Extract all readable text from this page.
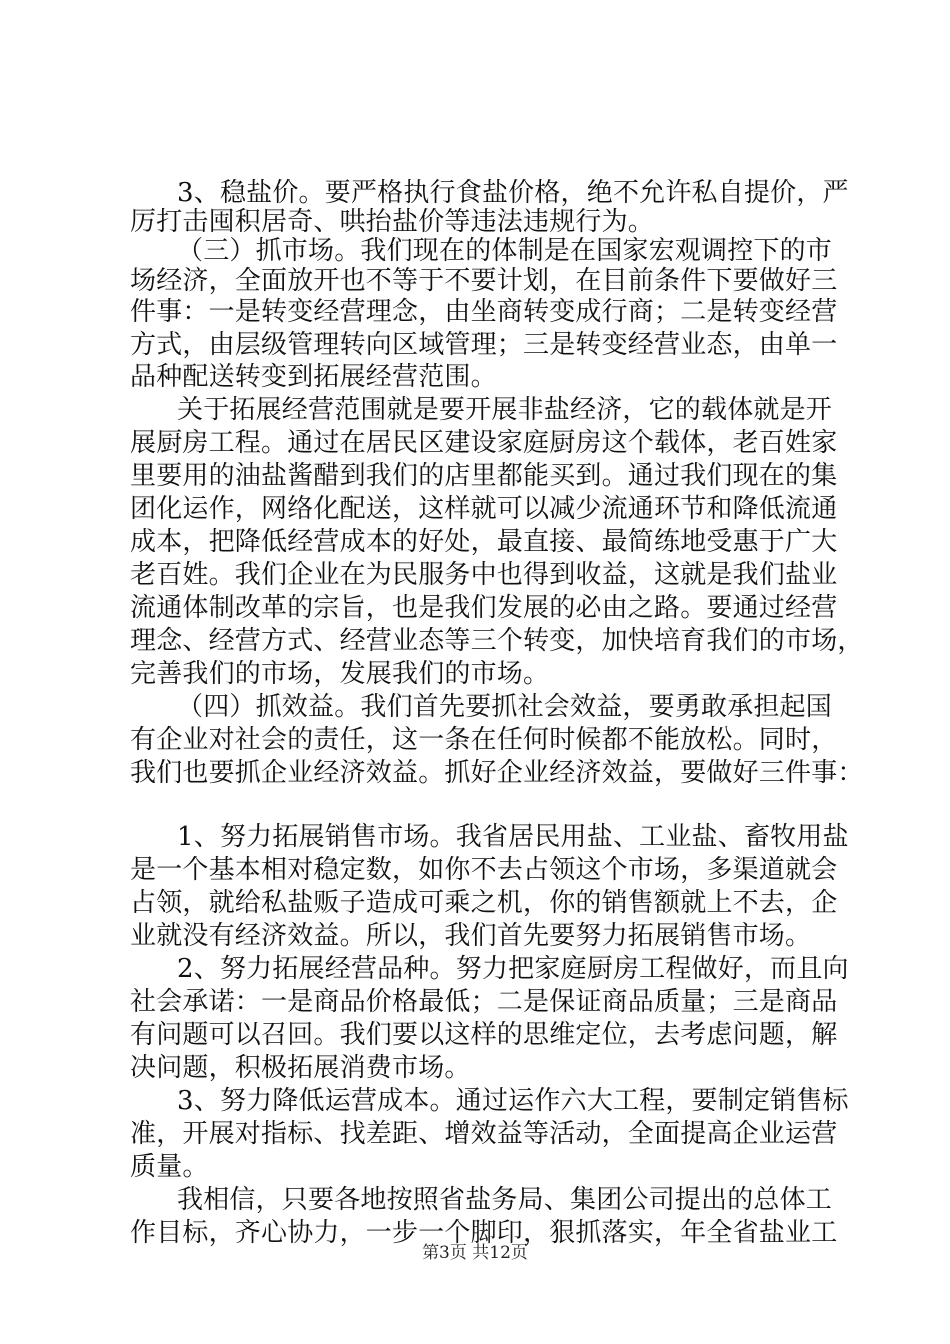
3、稳盐价。要严格执行食盐价格，绝不允许私自提价，严
厉打击囤积居奇、哄抬盐价等违法违规行为。
（三）抓市场。我们现在的体制是在国家宏观调控下的市
场经济，全面放开也不等于不要计划，在目前条件下要做好三
件事：一是转变经营理念，由坐商转变成行商；二是转变经营
方式，由层级管理转向区域管理；三是转变经营业态，由单一
品种配送转变到拓展经营范围。
关于拓展经营范围就是要开展非盐经济，它的载体就是开
展厨房工程。通过在居民区建设家庭厨房这个载体，老百姓家
里要用的油盐酱醋到我们的店里都能买到。通过我们现在的集
团化运作，网络化配送，这样就可以减少流通环节和降低流通
成本，把降低经营成本的好处，最直接、最简练地受惠于广大
老百姓。我们企业在为民服务中也得到收益，这就是我们盐业
流通体制改革的宗旨，也是我们发展的必由之路。要通过经营
理念、经营方式、经营业态等三个转变，加快培育我们的市场，
完善我们的市场，发展我们的市场。
（四）抓效益。我们首先要抓社会效益，要勇敢承担起国
有企业对社会的责任，这一条在任何时候都不能放松。同时，
我们也要抓企业经济效益。抓好企业经济效益，要做好三件事：
1、努力拓展销售市场。我省居民用盐、工业盐、畜牧用盐
是一个基本相对稳定数，如你不去占领这个市场，多渠道就会
占领，就给私盐贩子造成可乘之机，你的销售额就上不去，企
业就没有经济效益。所以，我们首先要努力拓展销售市场。
2、努力拓展经营品种。努力把家庭厨房工程做好，而且向
社会承诺：一是商品价格最低；二是保证商品质量；三是商品
有问题可以召回。我们要以这样的思维定位，去考虑问题，解
决问题，积极拓展消费市场。
3、努力降低运营成本。通过运作六大工程，要制定销售标
准，开展对指标、找差距、增效益等活动，全面提高企业运营
质量。
我相信，只要各地按照省盐务局、集团公司提出的总体工
作目标，齐心协力，一步一个脚印，狠抓落实，年全省盐业工
第3页 共12页
